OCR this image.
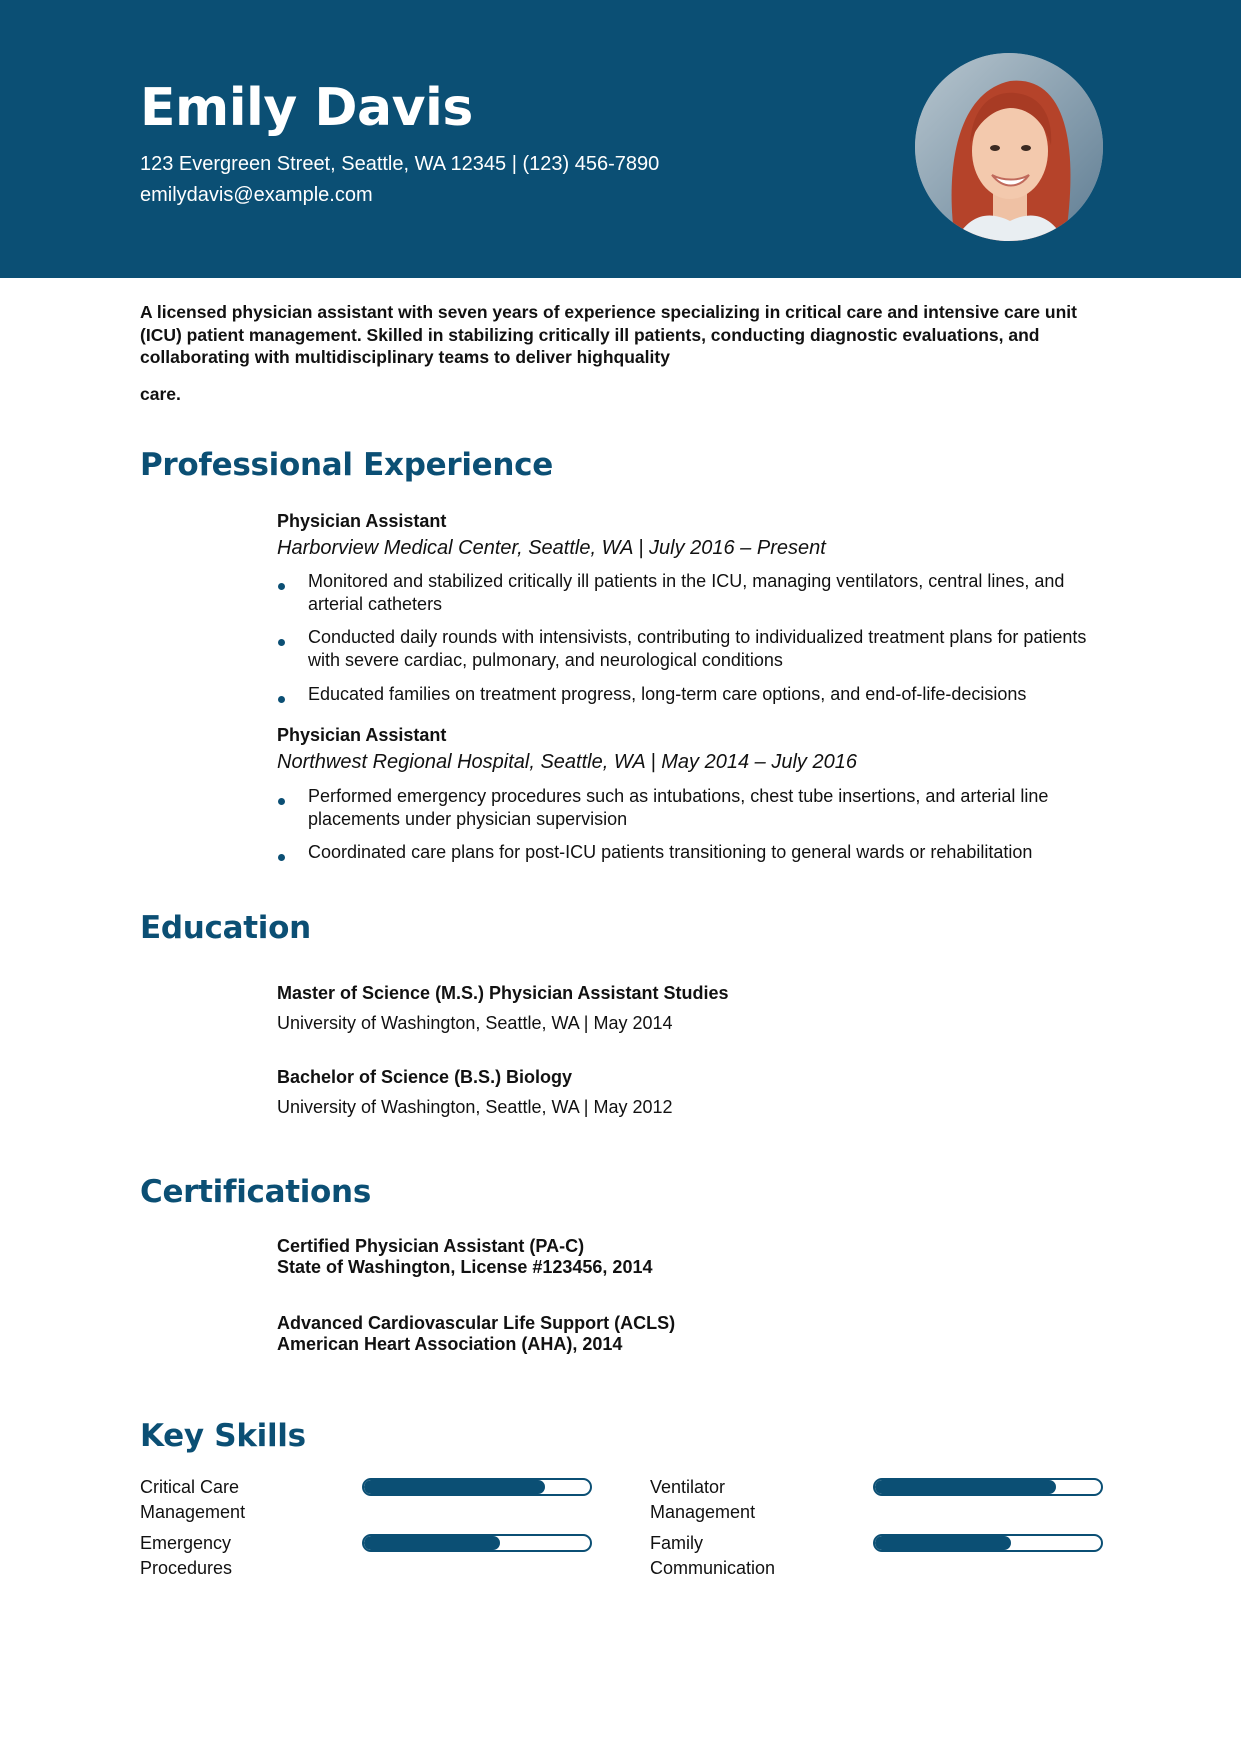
Emily Davis
123 Evergreen Street, Seattle, WA 12345 | (123) 456-7890
emilydavis@example.com
A licensed physician assistant with seven years of experience specializing in critical care and intensive care unit (ICU) patient management. Skilled in stabilizing critically ill patients, conducting diagnostic evaluations, and collaborating with multidisciplinary teams to deliver highquality
care.
Professional Experience
Physician Assistant
Harborview Medical Center, Seattle, WA | July 2016 – Present
Monitored and stabilized critically ill patients in the ICU, managing ventilators, central lines, and arterial catheters
Conducted daily rounds with intensivists, contributing to individualized treatment plans for patients with severe cardiac, pulmonary, and neurological conditions
Educated families on treatment progress, long-term care options, and end-of-life-decisions
Physician Assistant
Northwest Regional Hospital, Seattle, WA | May 2014 – July 2016
Performed emergency procedures such as intubations, chest tube insertions, and arterial line placements under physician supervision
Coordinated care plans for post-ICU patients transitioning to general wards or rehabilitation
Education
Master of Science (M.S.) Physician Assistant Studies
University of Washington, Seattle, WA | May 2014
Bachelor of Science (B.S.) Biology
University of Washington, Seattle, WA | May 2012
Certifications
Certified Physician Assistant (PA-C)
State of Washington, License #123456, 2014
Advanced Cardiovascular Life Support (ACLS)
American Heart Association (AHA), 2014
Key Skills
Critical Care
Management
Ventilator
Management
Emergency
Procedures
Family
Communication
